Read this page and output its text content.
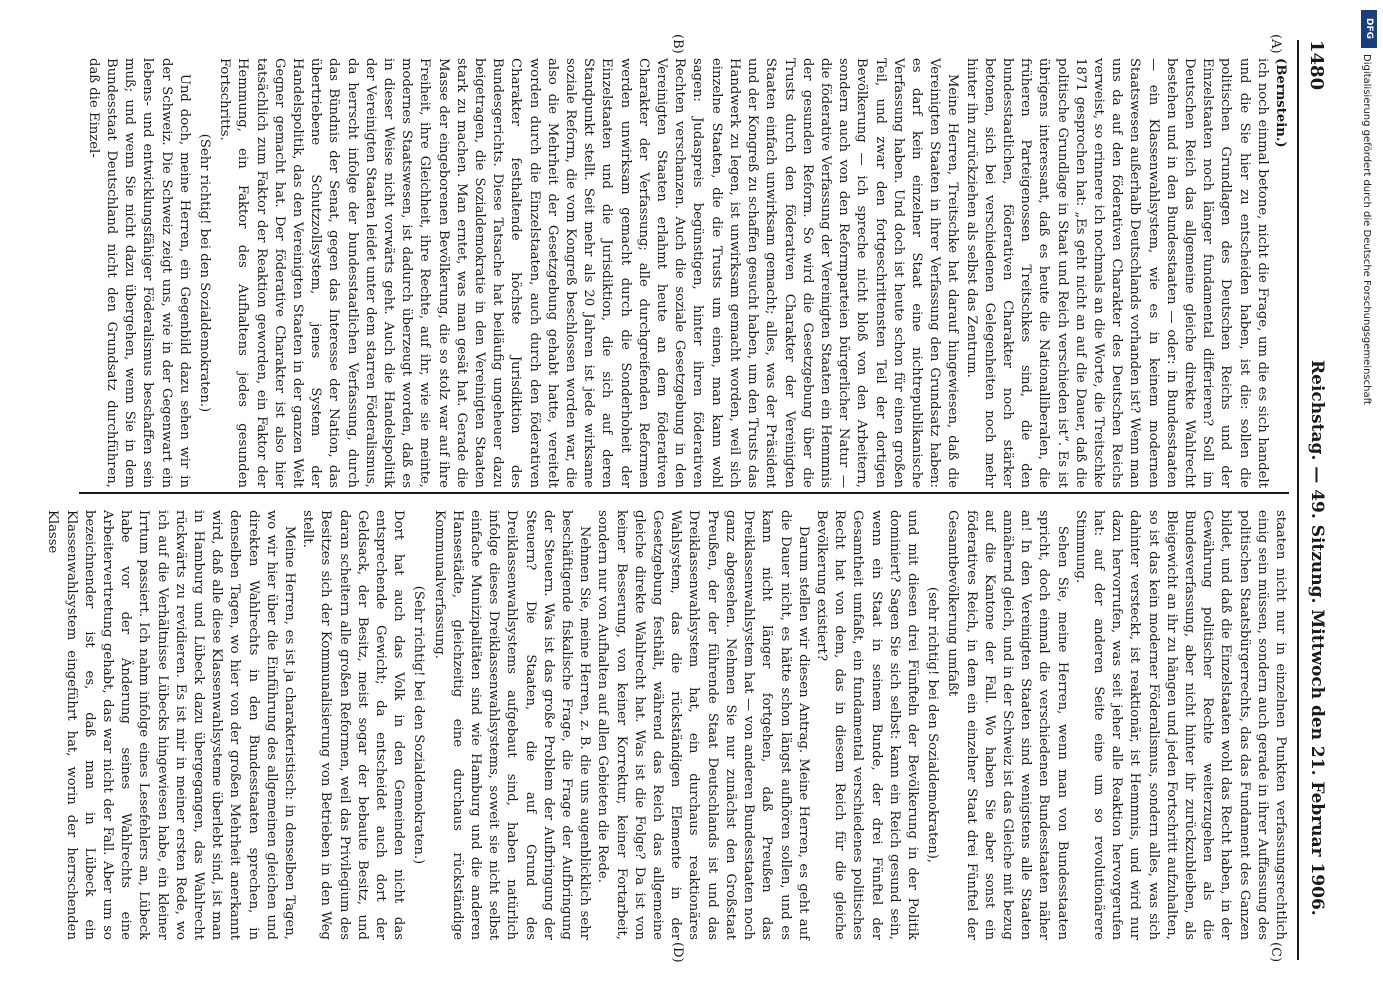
1480
Reichstag. — 49. Sitzung. Mittwoch den 21. Februar 1906.
(A)
(B)
(C)
(D)

(Bernstein.)

ich noch einmal betone, nicht die Frage, um die es sich handelt und die Sie hier zu entscheiden haben, ist die: sollen die politischen Grundlagen des Deutschen Reichs und der Einzelstaaten noch länger fundamental differieren? Soll im Deutschen Reich das allgemeine gleiche direkte Wahlrecht bestehen und in den Bundesstaaten — oder: in Bundesstaaten — ein Klassenwahlsystem, wie es in keinem modernen Staatswesen außerhalb Deutschlands vorhanden ist? Wenn man uns da auf den föderativen Charakter des Deutschen Reichs verweist, so erinnere ich nochmals an die Worte, die Treitschke 1871 gesprochen hat: „Es geht nicht an auf die Dauer, daß die politische Grundlage in Staat und Reich verschieden ist“. Es ist übrigens interessant, daß es heute die Nationalliberalen, die früheren Parteigenossen Treitschkes sind, die den bundesstaatlichen, föderativen Charakter noch stärker betonen, sich bei verschiedenen Gelegenheiten noch mehr hinter ihn zurückziehen als selbst das Zentrum.

Meine Herren, Treitschke hat darauf hingewiesen, daß die Vereinigten Staaten in ihrer Verfassung den Grundsatz haben: es darf kein einzelner Staat eine nichtrepublikanische Verfassung haben. Und doch ist heute schon für einen großen Teil, und zwar den fortgeschrittensten Teil der dortigen Bevölkerung — ich spreche nicht bloß von den Arbeitern, sondern auch von den Reformparteien bürgerlicher Natur — die föderative Verfassung der Vereinigten Staaten ein Hemmnis der gesunden Reform. So wird die Gesetzgebung über die Trusts durch den föderativen Charakter der Vereinigten Staaten einfach unwirksam gemacht; alles, was der Präsident und der Kongreß zu schaffen gesucht haben, um den Trusts das Handwerk zu legen, ist unwirksam gemacht worden, weil sich einzelne Staaten, die die Trusts um einen, man kann wohl sagen: Judaspreis begünstigen, hinter ihren föderativen Rechten verschanzen. Auch die soziale Gesetzgebung in den Vereinigten Staaten erlahmt heute an dem föderativen Charakter der Verfassung; alle durchgreifenden Reformen werden unwirksam gemacht durch die Sonderhoheit der Einzelstaaten und die Jurisdiktion, die sich auf deren Standpunkt stellt. Seit mehr als 20 Jahren ist jede wirksame soziale Reform, die vom Kongreß beschlossen worden war, die also die Mehrheit der Gesetzgebung gehabt hatte, vereitelt worden durch die Einzelstaaten, auch durch den föderativen Charakter festhaltende höchste Jurisdiktion des Bundesgerichts. Diese Tatsache hat beiläufig ungeheuer dazu beigetragen, die Sozialdemokratie in den Vereinigten Staaten stark zu machen. Man erntet, was man gesät hat. Gerade die Masse der eingeborenen Bevölkerung, die so stolz war auf ihre Freiheit, ihre Gleichheit, ihre Rechte, auf ihr, wie sie meinte, modernes Staatswesen, ist dadurch überzeugt worden, daß es in dieser Weise nicht vorwärts geht. Auch die Handelspolitik der Vereinigten Staaten leidet unter dem starren Föderalismus, da herrscht infolge der bundesstaatlichen Verfassung, durch das Bündnis der Senat, gegen das Interesse der Nation, das übertriebene Schutzzollsystem, jenes System der Handelspolitik, das den Vereinigten Staaten in der ganzen Welt Gegner gemacht hat. Der föderative Charakter ist also hier tatsächlich zum Faktor der Reaktion geworden, ein Faktor der Hemmung, ein Faktor des Aufhaltens jedes gesunden Fortschritts.

(Sehr richtig! bei den Sozialdemokraten.)

Und doch, meine Herren, ein Gegenbild dazu sehen wir in der Schweiz. Die Schweiz zeigt uns, wie in der Gegenwart ein lebens- und entwicklungsfähiger Föderalismus beschaffen sein muß; und wenn Sie nicht dazu übergehen, wenn Sie in dem Bundesstaat Deutschland nicht den Grundsatz durchführen, daß die Einzel-

staaten nicht nur in einzelnen Punkten verfassungsrechtlich einig sein müssen, sondern auch gerade in ihrer Auffassung des politischen Staatsbürgerrechts, das das Fundament des Ganzen bildet, und daß die Einzelstaaten wohl das Recht haben, in der Gewährung politischer Rechte weiterzugehen als die Bundesverfassung, aber nicht hinter ihr zurückzubleiben, als Bleigewicht an ihr zu hängen und jeden Fortschritt aufzuhalten, so ist das kein moderner Föderalismus, sondern alles, was sich dahinter versteckt, ist reaktionär, ist Hemmnis, und wird nur dazu hervorrufen, was seit jeher alle Reaktion hervorgerufen hat: auf der anderen Seite eine um so revolutionärere Stimmung.

Sehen Sie, meine Herren, wenn man von Bundesstaaten spricht, doch einmal die verschiedenen Bundesstaaten näher an! In den Vereinigten Staaten sind wenigstens alle Staaten annähernd gleich, und in der Schweiz ist das Gleiche mit bezug auf die Kantone der Fall. Wo haben Sie aber sonst ein föderatives Reich, in dem ein einzelner Staat drei Fünftel der Gesamtbevölkerung umfaßt

(sehr richtig! bei den Sozialdemokraten),

und mit diesen drei Fünfteln der Bevölkerung in der Politik dominiert? Sagen Sie sich selbst: kann ein Reich gesund sein, wenn ein Staat in seinem Bunde, der drei Fünftel der Gesamtheit umfaßt, ein fundamental verschiedenes politisches Recht hat von dem, das in diesem Reich für die gleiche Bevölkerung existiert?

Darum stellen wir diesen Antrag. Meine Herren, es geht auf die Dauer nicht, es hätte schon längst aufhören sollen, und es kann nicht länger fortgehen, daß Preußen das Dreiklassenwahlsystem hat — von anderen Bundesstaaten noch ganz abgesehen. Nehmen Sie nur zunächst den Großstaat Preußen, der der führende Staat Deutschlands ist und das Dreiklassenwahlsystem hat, ein durchaus reaktionäres Wahlsystem, das die rückständigen Elemente in der Gesetzgebung festhält, während das Reich das allgemeine gleiche direkte Wahlrecht hat. Was ist die Folge? Da ist von keiner Besserung, von keiner Korrektur, keiner Fortarbeit, sondern nur von Aufhalten auf allen Gebieten die Rede.

Nehmen Sie, meine Herren, z. B. die uns augenblicklich sehr beschäftigende fiskalische Frage, die Frage der Aufbringung der Steuern. Was ist das große Problem der Aufbringung der Steuern? Die Staaten, die auf Grund des Dreiklassenwahlsystems aufgebaut sind, haben natürlich infolge dieses Dreiklassenwahlsystems, soweit sie nicht selbst einfache Munizipalitäten sind wie Hamburg und die anderen Hansestädte, gleichzeitig eine durchaus rückständige Kommunalverfassung.

(Sehr richtig! bei den Sozialdemokraten.)

Dort hat auch das Volk in den Gemeinden nicht das entsprechende Gewicht; da entscheidet auch dort der Geldsack, der Besitz, meist sogar der bebaute Besitz, und daran scheitern alle großen Reformen, weil das Privilegium des Besitzes sich der Kommunalisierung von Betrieben in den Weg stellt.

Meine Herren, es ist ja charakteristisch: in denselben Tagen, wo wir hier über die Einführung des allgemeinen gleichen und direkten Wahlrechts in den Bundesstaaten sprechen, in denselben Tagen, wo hier von der großen Mehrheit anerkannt wird, daß alle diese Klassenwahlsysteme überlebt sind, ist man in Hamburg und Lübeck dazu übergegangen, das Wahlrecht rückwärts zu revidieren. Es ist mir in meiner ersten Rede, wo ich auf die Verhältnisse Lübecks hingewiesen habe, ein kleiner Irrtum passiert. Ich nahm infolge eines Lesefehlers an, Lübeck habe vor der Änderung seines Wahlrechts eine Arbeitervertretung gehabt, das war nicht der Fall. Aber um so bezeichnender ist es, daß man in Lübeck ein Klassenwahlsystem eingeführt hat, worin der herrschenden Klasse

DFG
Digitalisierung gefördert durch die Deutsche Forschungsgemeinschaft
